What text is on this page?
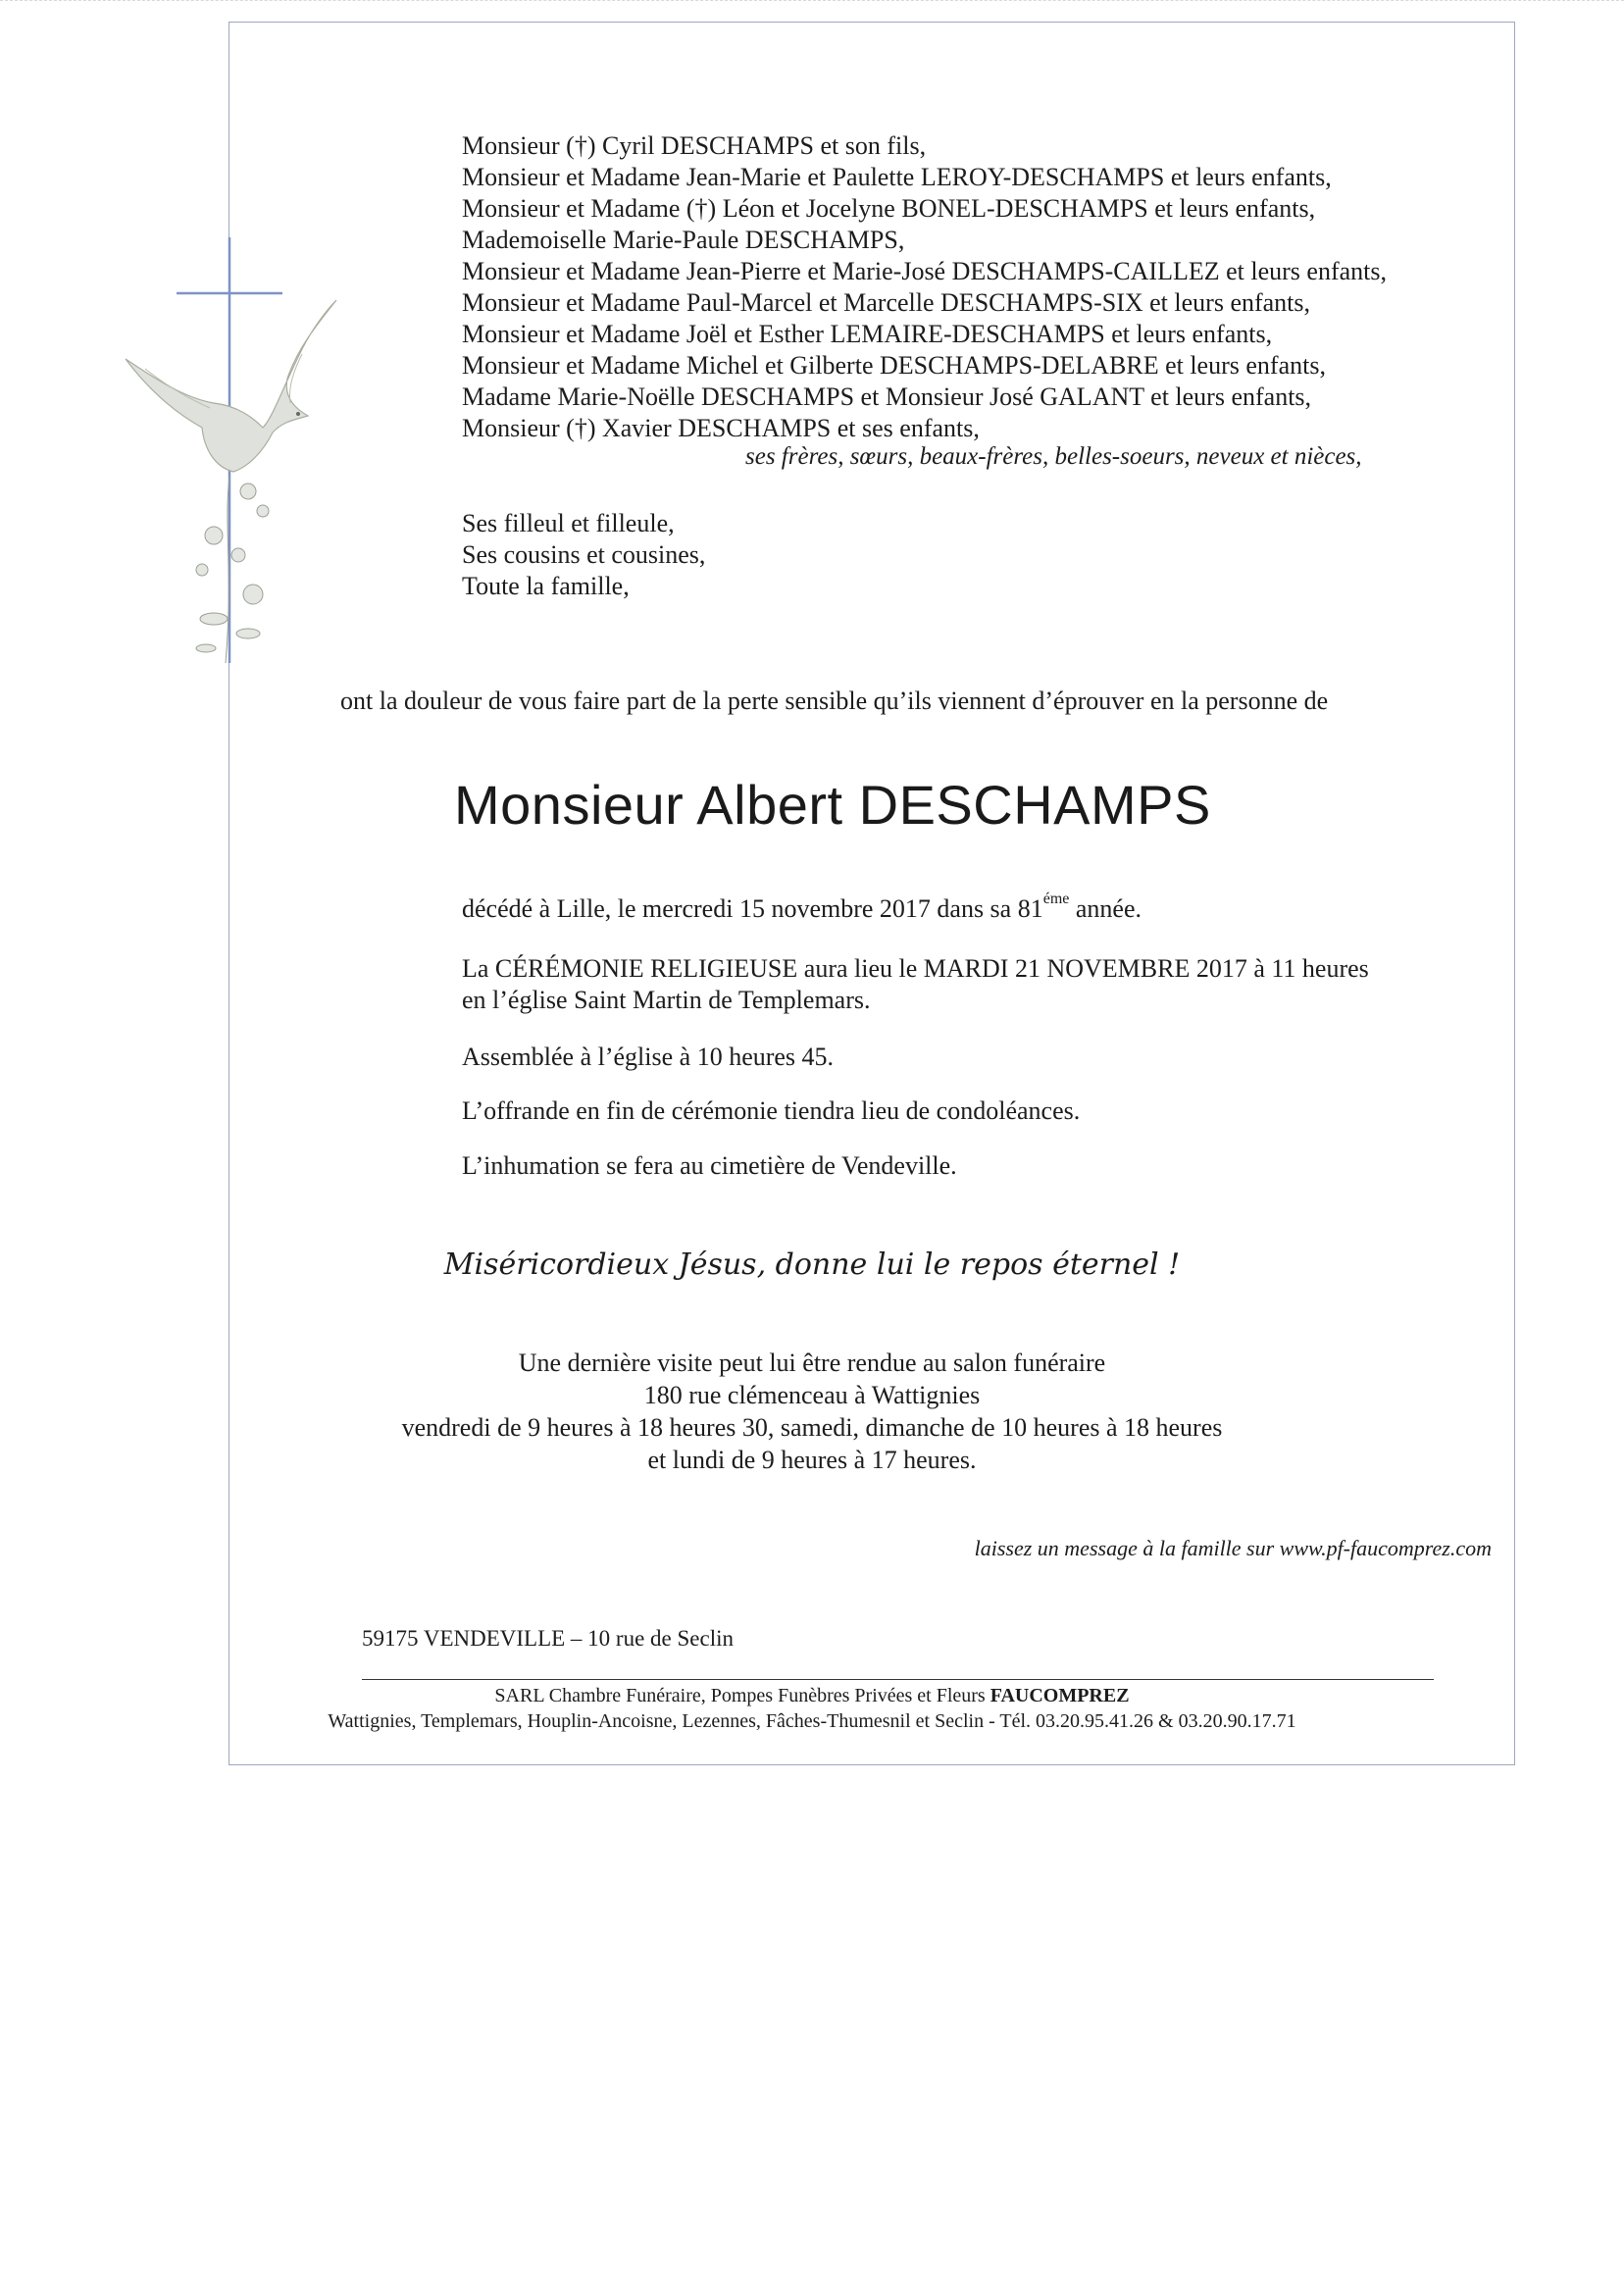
Monsieur (†) Cyril DESCHAMPS et son fils,
Monsieur et Madame Jean-Marie et Paulette LEROY-DESCHAMPS et leurs enfants,
Monsieur et Madame (†) Léon et Jocelyne BONEL-DESCHAMPS et leurs enfants,
Mademoiselle Marie-Paule DESCHAMPS,
Monsieur et Madame Jean-Pierre et Marie-José DESCHAMPS-CAILLEZ et leurs enfants,
Monsieur et Madame Paul-Marcel et Marcelle DESCHAMPS-SIX et leurs enfants,
Monsieur et Madame Joël et Esther LEMAIRE-DESCHAMPS et leurs enfants,
Monsieur et Madame Michel et Gilberte DESCHAMPS-DELABRE et leurs enfants,
Madame Marie-Noëlle DESCHAMPS et Monsieur José GALANT et leurs enfants,
Monsieur (†) Xavier DESCHAMPS et ses enfants,
ses frères, sœurs, beaux-frères, belles-soeurs, neveux et nièces,
Ses filleul et filleule,
Ses cousins et cousines,
Toute la famille,
ont la douleur de vous faire part de la perte sensible qu’ils viennent d’éprouver en la personne de
Monsieur Albert DESCHAMPS
décédé à Lille, le mercredi 15 novembre 2017 dans sa $81^{éme}$ année.
La CÉRÉMONIE RELIGIEUSE aura lieu le MARDI 21 NOVEMBRE 2017 à 11 heures
en l’église Saint Martin de Templemars.
Assemblée à l’église à 10 heures 45.
L’offrande en fin de cérémonie tiendra lieu de condoléances.
L’inhumation se fera au cimetière de Vendeville.
Miséricordieux Jésus, donne lui le repos éternel !
Une dernière visite peut lui être rendue au salon funéraire
180 rue clémenceau à Wattignies
vendredi de 9 heures à 18 heures 30, samedi, dimanche de 10 heures à 18 heures
et lundi de 9 heures à 17 heures.
laissez un message à la famille sur www.pf-faucomprez.com
59175 VENDEVILLE – 10 rue de Seclin
SARL Chambre Funéraire, Pompes Funèbres Privées et Fleurs FAUCOMPREZ
Wattignies, Templemars, Houplin-Ancoisne, Lezennes, Fâches-Thumesnil et Seclin - Tél. 03.20.95.41.26 & 03.20.90.17.71
